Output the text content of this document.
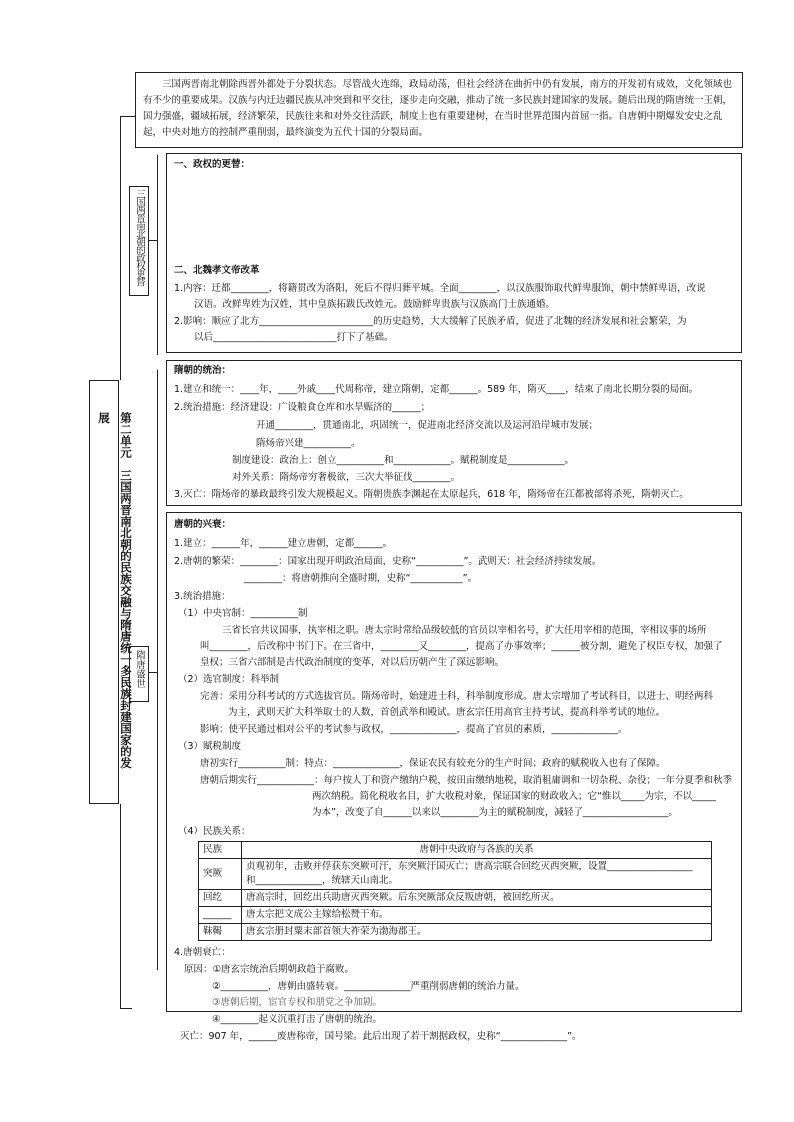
三国两晋南北朝除西晋外都处于分裂状态。尽管战火连绵，政局动荡，但社会经济在曲折中仍有发展，南方的开发初有成效，文化领域也有不少的重要成果。汉族与内迁边疆民族从冲突到和平交往，逐步走向交融，推动了统一多民族封建国家的发展。随后出现的隋唐统一王朝，国力强盛，疆域拓展，经济繁荣，民族往来和对外交往活跃，制度上也有重要建树，在当时世界范围内首屈一指。自唐朝中期爆发安史之乱起，中央对地方的控制严重削弱，最终演变为五代十国的分裂局面。
第二单元　三国两晋南北朝的民族交融与隋唐统一多民族封建国家的发展
三国两晋南北朝的政权更替
隋唐盛世
一、政权的更替：
二、北魏孝文帝改革
1.内容：迁都________，将籍贯改为洛阳，死后不得归葬平城。全面________，以汉族服饰取代鲜卑服饰，朝中禁鲜卑语，改说
汉语。改鲜卑姓为汉姓，其中皇族拓跋氏改姓元。鼓励鲜卑贵族与汉族高门士族通婚。
2.影响：顺应了北方________________________的历史趋势，大大缓解了民族矛盾，促进了北魏的经济发展和社会繁荣，为
以后__________________________打下了基础。
隋朝的统治：
1.建立和统一：____年，____外戚____代周称帝，建立隋朝，定都______。589 年，隋灭____，结束了南北长期分裂的局面。
2.统治措施：经济建设：广设粮食仓库和水旱赈济的______；
开通________，贯通南北，巩固统一，促进南北经济交流以及运河沿岸城市发展；
隋炀帝兴建__________。
制度建设：政治上：创立__________和____________。赋税制度是____________。
对外关系：隋炀帝穷奢极欲，三次大举征伐________。
3.灭亡：隋炀帝的暴政最终引发大规模起义。隋朝贵族李渊起在太原起兵，618 年，隋炀帝在江都被部将杀死，隋朝灭亡。
唐朝的兴衰：
1.建立：______年，______建立唐朝，定都______。
2.唐朝的繁荣：________：国家出现开明政治局面，史称“__________”。武则天：社会经济持续发展。
________：将唐朝推向全盛时期，史称“___________”。
3.统治措施：
（1）中央官制：__________制
三省长官共议国事，执宰相之职。唐太宗时常给品级较低的官员以宰相名号，扩大任用宰相的范围，宰相议事的场所
叫________，后改称中书门下。在三省中，________又________，提高了办事效率；______被分割，避免了权臣专权，加强了
皇权；三省六部制是古代政治制度的变革，对以后历朝产生了深远影响。
（2）选官制度：科举制
完善：采用分科考试的方式选拔官员。隋炀帝时，始建进士科，科举制度形成。唐太宗增加了考试科目，以进士、明经两科
为主，武则天扩大科举取士的人数，首创武举和殿试。唐玄宗任用高官主持考试，提高科举考试的地位。
影响：使平民通过相对公平的考试参与政权，______________，提高了官员的素质，______________。
（3）赋税制度
唐初实行__________制：特点：______________，保证农民有较充分的生产时间；政府的赋税收入也有了保障。
唐朝后期实行____________：每户按人丁和资产缴纳户税，按田亩缴纳地税，取消租庸调和一切杂税、杂役；一年分夏季和秋季
两次纳税。简化税收名目，扩大收税对象，保证国家的财政收入；它“惟以_____为宗，不以_____
为本”，改变了自______以来以________为主的赋税制度，减轻了__________________。
（4）民族关系：
民族	唐朝中央政府与各族的关系
突厥	贞观初年，击败并俘获东突厥可汗，东突厥汗国灭亡；唐高宗联合回纥灭西突厥，设置__________________
和______________，统辖天山南北。

回纥	唐高宗时，回纥出兵助唐灭西突厥。后东突厥部众反叛唐朝，被回纥所灭。
______	唐太宗把文成公主嫁给松赞干布。
靺鞨	唐玄宗册封粟末部首领大祚荣为渤海郡王。
4.唐朝衰亡：
原因：①唐玄宗统治后期朝政趋于腐败。
②__________，唐朝由盛转衰。______________严重削弱唐朝的统治力量。
③唐朝后期，宦官专权和朋党之争加剧。
④________起义沉重打击了唐朝的统治。
灭亡：907 年，______废唐称帝，国号梁。此后出现了若干割据政权，史称“______________”。
